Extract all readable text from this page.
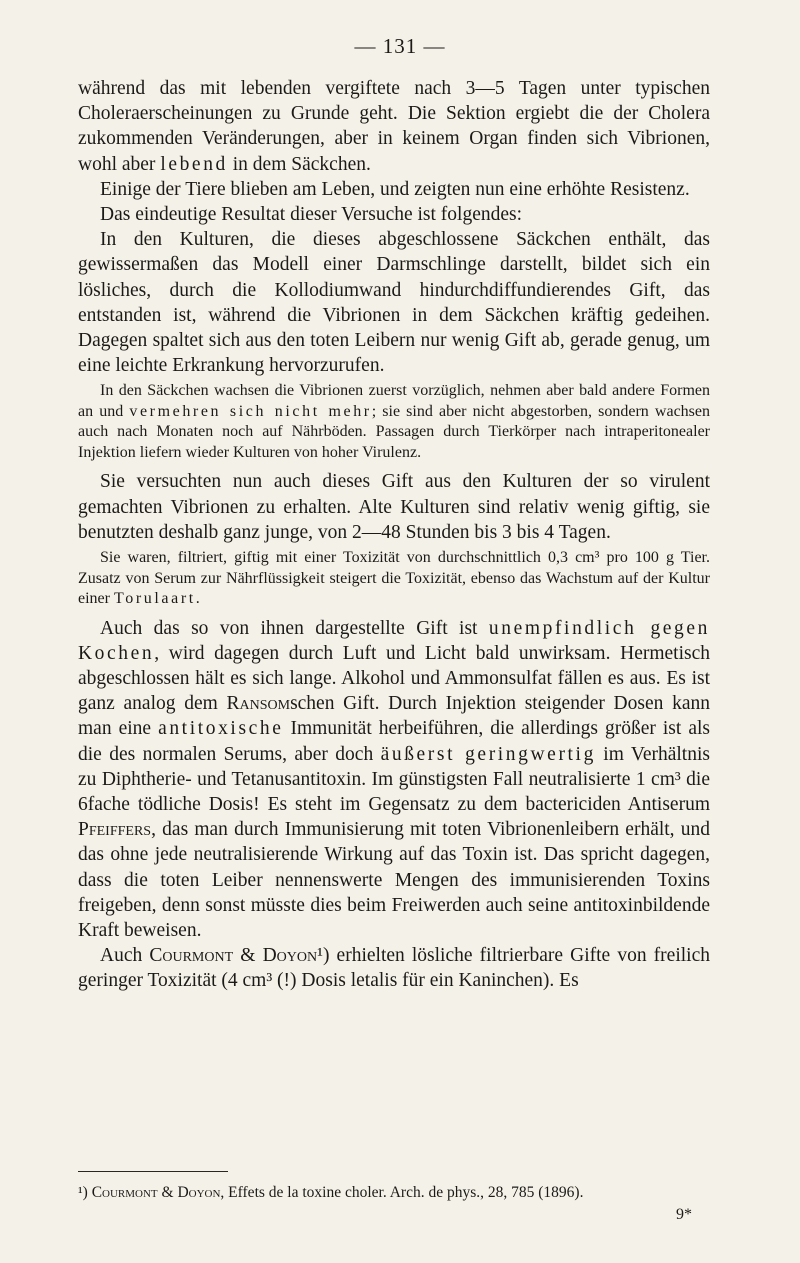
— 131 —

während das mit lebenden vergiftete nach 3—5 Tagen unter typischen Choleraerscheinungen zu Grunde geht. Die Sektion ergiebt die der Cholera zukommenden Veränderungen, aber in keinem Organ finden sich Vibrionen, wohl aber lebend in dem Säckchen.

Einige der Tiere blieben am Leben, und zeigten nun eine erhöhte Resistenz.

Das eindeutige Resultat dieser Versuche ist folgendes:

In den Kulturen, die dieses abgeschlossene Säckchen enthält, das gewissermaßen das Modell einer Darmschlinge darstellt, bildet sich ein lösliches, durch die Kollodiumwand hindurchdiffundierendes Gift, das entstanden ist, während die Vibrionen in dem Säckchen kräftig gedeihen. Dagegen spaltet sich aus den toten Leibern nur wenig Gift ab, gerade genug, um eine leichte Erkrankung hervorzurufen.

In den Säckchen wachsen die Vibrionen zuerst vorzüglich, nehmen aber bald andere Formen an und vermehren sich nicht mehr; sie sind aber nicht abgestorben, sondern wachsen auch nach Monaten noch auf Nährböden. Passagen durch Tierkörper nach intraperitonealer Injektion liefern wieder Kulturen von hoher Virulenz.

Sie versuchten nun auch dieses Gift aus den Kulturen der so virulent gemachten Vibrionen zu erhalten. Alte Kulturen sind relativ wenig giftig, sie benutzten deshalb ganz junge, von 2—48 Stunden bis 3 bis 4 Tagen.

Sie waren, filtriert, giftig mit einer Toxizität von durchschnittlich 0,3 cm³ pro 100 g Tier. Zusatz von Serum zur Nährflüssigkeit steigert die Toxizität, ebenso das Wachstum auf der Kultur einer Torulaart.

Auch das so von ihnen dargestellte Gift ist unempfindlich gegen Kochen, wird dagegen durch Luft und Licht bald unwirksam. Hermetisch abgeschlossen hält es sich lange. Alkohol und Ammonsulfat fällen es aus. Es ist ganz analog dem Ransomschen Gift. Durch Injektion steigender Dosen kann man eine antitoxische Immunität herbeiführen, die allerdings größer ist als die des normalen Serums, aber doch äußerst geringwertig im Verhältnis zu Diphtherie- und Tetanusantitoxin. Im günstigsten Fall neutralisierte 1 cm³ die 6fache tödliche Dosis! Es steht im Gegensatz zu dem bactericiden Antiserum Pfeiffers, das man durch Immunisierung mit toten Vibrionenleibern erhält, und das ohne jede neutralisierende Wirkung auf das Toxin ist. Das spricht dagegen, dass die toten Leiber nennenswerte Mengen des immunisierenden Toxins freigeben, denn sonst müsste dies beim Freiwerden auch seine antitoxinbildende Kraft beweisen.

Auch Courmont & Doyon¹) erhielten lösliche filtrierbare Gifte von freilich geringer Toxizität (4 cm³ (!) Dosis letalis für ein Kaninchen). Es

¹) Courmont & Doyon, Effets de la toxine choler. Arch. de phys., 28, 785 (1896).
9*
